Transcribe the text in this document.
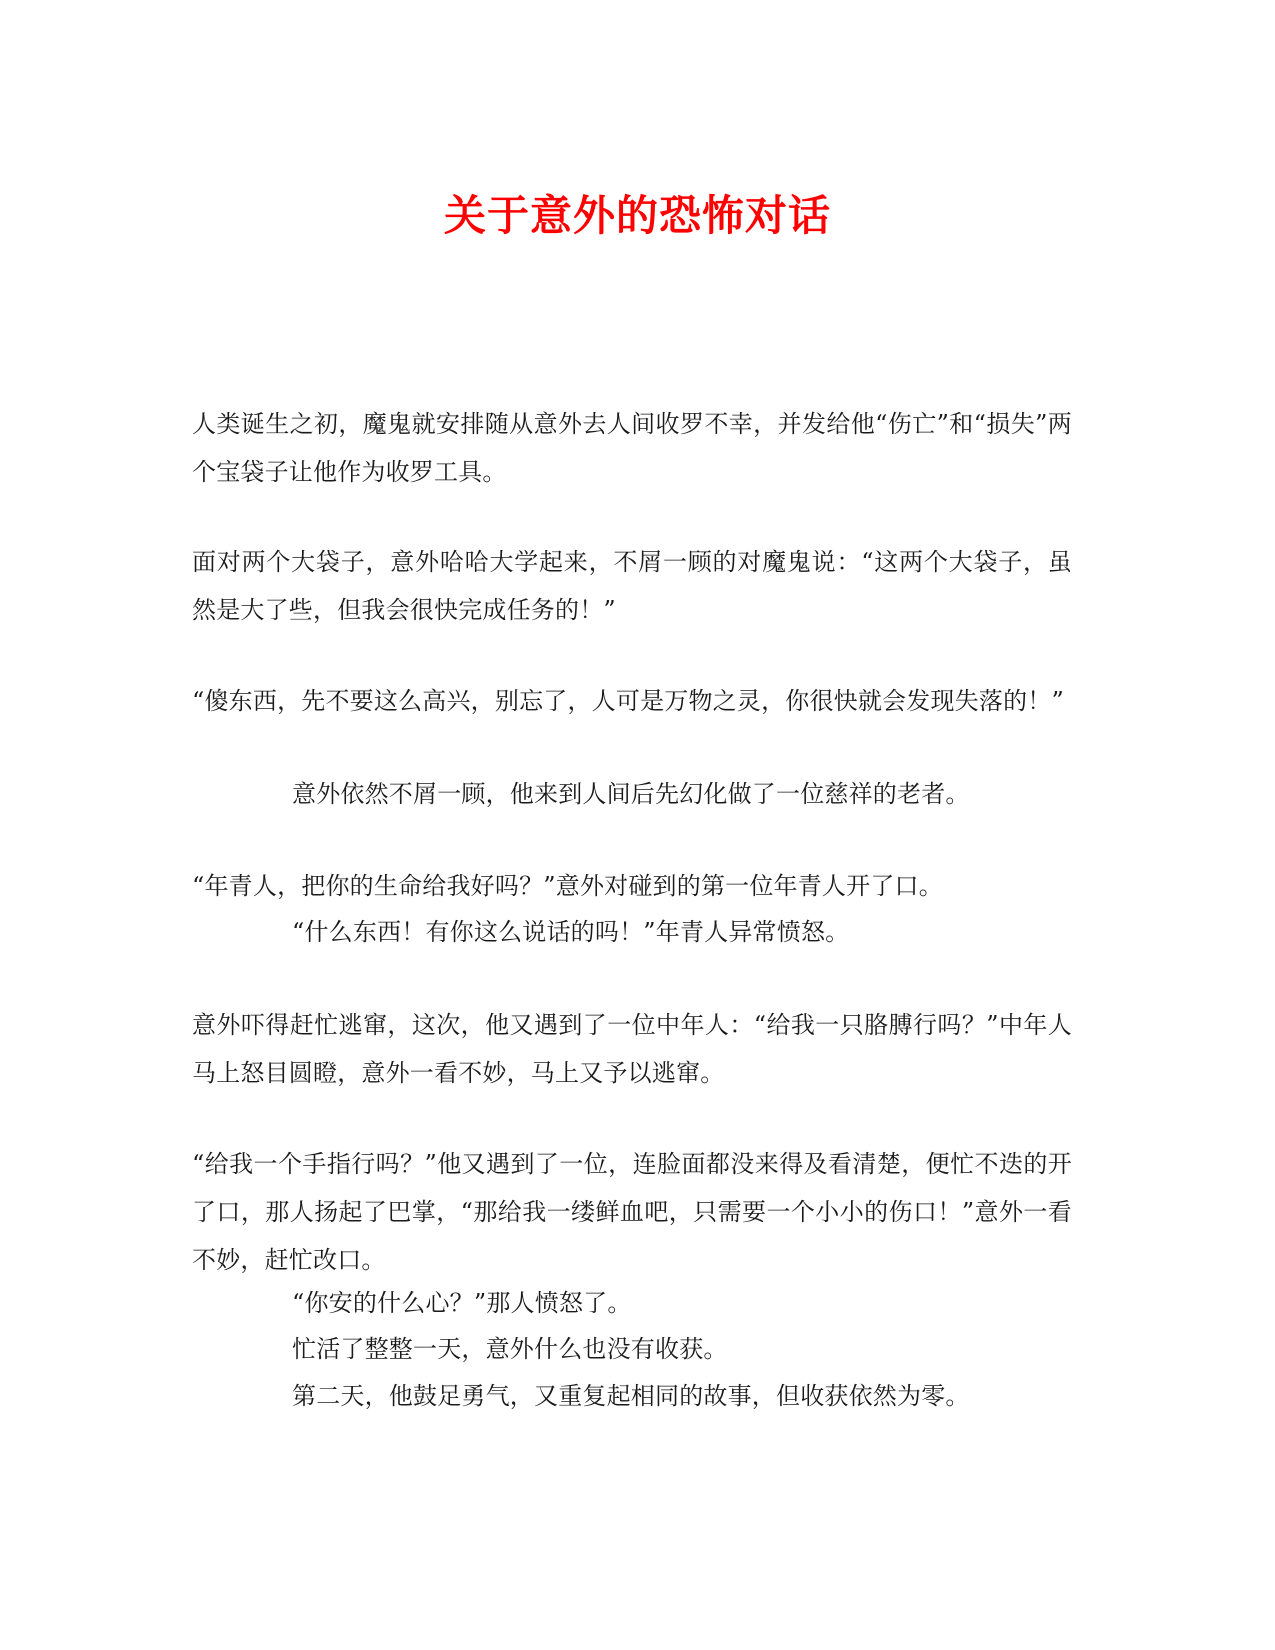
关于意外的恐怖对话

人类诞生之初，魔鬼就安排随从意外去人间收罗不幸，并发给他“伤亡”和“损失”两个宝袋子让他作为收罗工具。

面对两个大袋子，意外哈哈大学起来，不屑一顾的对魔鬼说：“这两个大袋子，虽然是大了些，但我会很快完成任务的！”

“傻东西，先不要这么高兴，别忘了，人可是万物之灵，你很快就会发现失落的！”

意外依然不屑一顾，他来到人间后先幻化做了一位慈祥的老者。

“年青人，把你的生命给我好吗？”意外对碰到的第一位年青人开了口。

“什么东西！有你这么说话的吗！”年青人异常愤怒。

意外吓得赶忙逃窜，这次，他又遇到了一位中年人：“给我一只胳膊行吗？”中年人马上怒目圆瞪，意外一看不妙，马上又予以逃窜。

“给我一个手指行吗？”他又遇到了一位，连脸面都没来得及看清楚，便忙不迭的开了口，那人扬起了巴掌，“那给我一缕鲜血吧，只需要一个小小的伤口！”意外一看不妙，赶忙改口。

“你安的什么心？”那人愤怒了。

忙活了整整一天，意外什么也没有收获。

第二天，他鼓足勇气，又重复起相同的故事，但收获依然为零。
